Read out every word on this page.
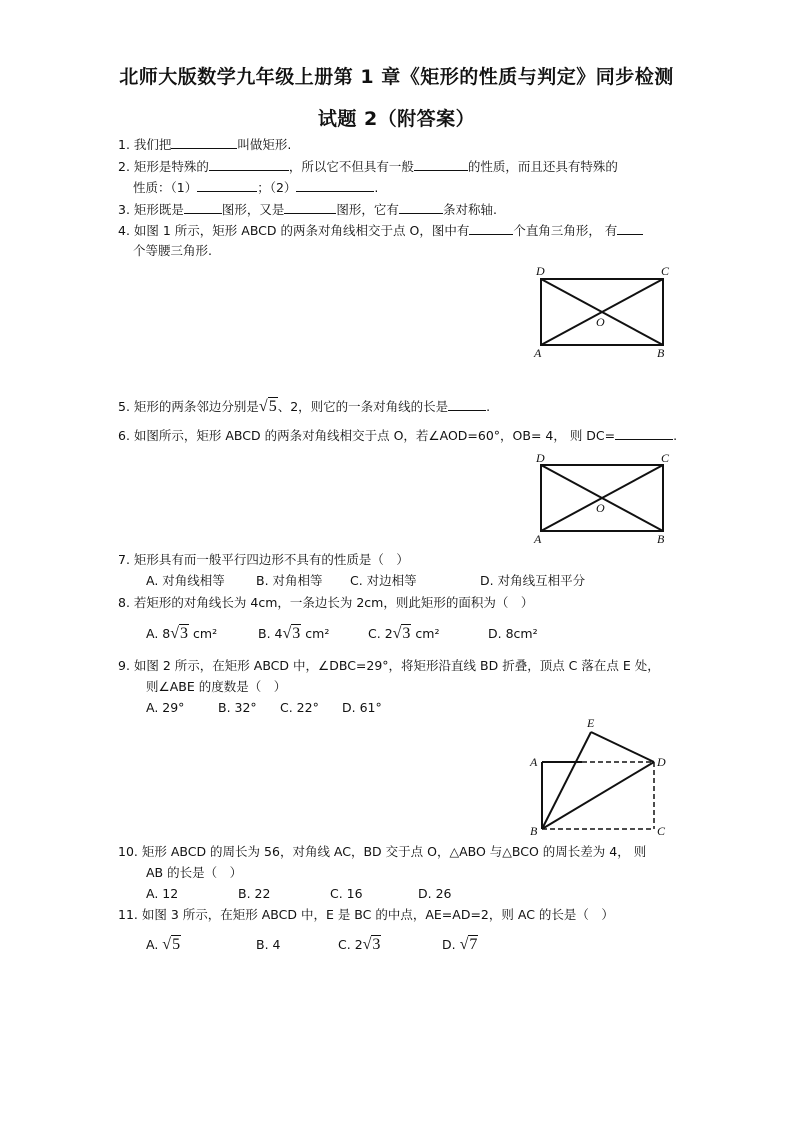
北师大版数学九年级上册第 1 章《矩形的性质与判定》同步检测
试题 2（附答案）
1. 我们把	叫做矩形.
2. 矩形是特殊的	，所以它不但具有一般	的性质，而且还具有特殊的
性质：（1）	；（2）	.
3. 矩形既是	图形，又是	图形，它有	条对称轴.
4. 如图 1 所示，矩形 ABCD 的两条对角线相交于点 O，图中有	个直角三角形， 有
个等腰三角形.
D	C
A	B
O
5. 矩形的两条邻边分别是√5、2，则它的一条对角线的长是	.
6. 如图所示，矩形 ABCD 的两条对角线相交于点 O，若∠AOD=60°，OB= 4， 则 DC=	.
D	C
A	B
O
7. 矩形具有而一般平行四边形不具有的性质是（　）
A. 对角线相等 B. 对角相等 C. 对边相等	D. 对角线互相平分
8. 若矩形的对角线长为 4cm，一条边长为 2cm，则此矩形的面积为（　）
A. 8√3 cm²	B. 4√3 cm²	C. 2√3 cm²	D. 8cm²
9. 如图 2 所示，在矩形 ABCD 中，∠DBC=29°，将矩形沿直线 BD 折叠，顶点 C 落在点 E 处，
则∠ABE 的度数是（　）
A. 29°	B. 32° C. 22° D. 61°
E
A	D
B	C
10. 矩形 ABCD 的周长为 56，对角线 AC，BD 交于点 O，△ABO 与△BCO 的周长差为 4， 则
AB 的长是（　）
A. 12	B. 22	C. 16	D. 26
11. 如图 3 所示，在矩形 ABCD 中，E 是 BC 的中点，AE=AD=2，则 AC 的长是（　）
A. √5	B. 4	C. 2√3	D. √7
